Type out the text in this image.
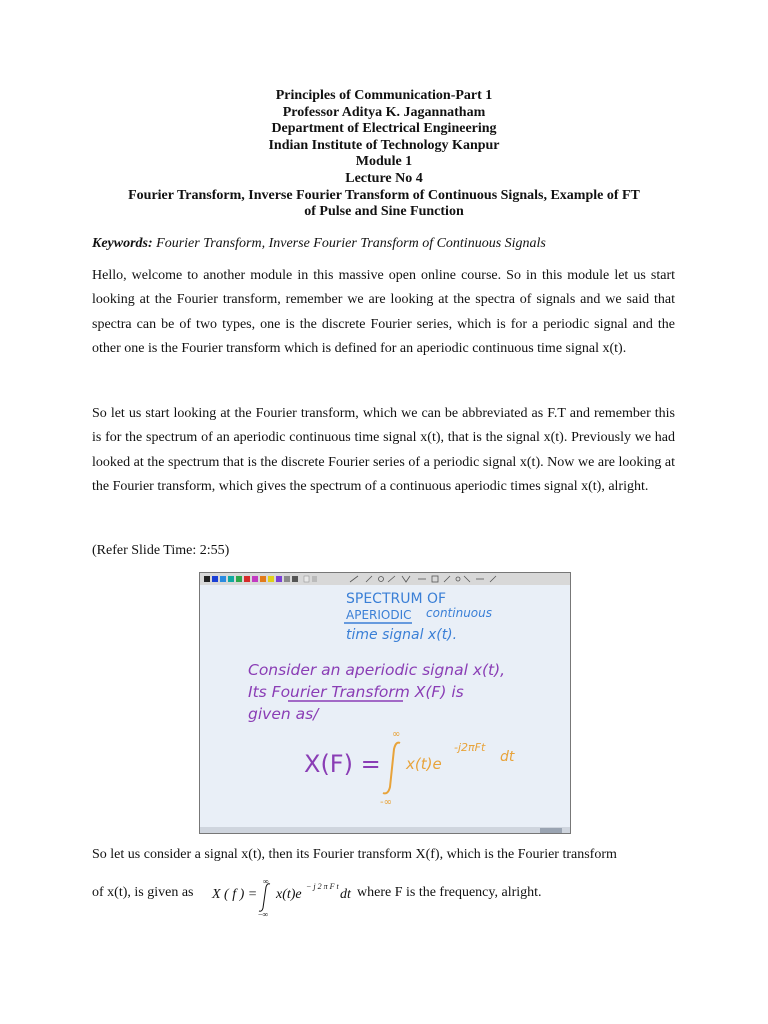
Principles of Communication-Part 1
Professor Aditya K. Jagannatham
Department of Electrical Engineering
Indian Institute of Technology Kanpur
Module 1
Lecture No 4
Fourier Transform, Inverse Fourier Transform of Continuous Signals, Example of FT
of Pulse and Sine Function
Keywords: Fourier Transform, Inverse Fourier Transform of Continuous Signals
Hello, welcome to another module in this massive open online course. So in this module let us start looking at the Fourier transform, remember we are looking at the spectra of signals and we said that spectra can be of two types, one is the discrete Fourier series, which is for a periodic signal and the other one is the Fourier transform which is defined for an aperiodic continuous time signal x(t).
So let us start looking at the Fourier transform, which we can be abbreviated as F.T and remember this is for the spectrum of an aperiodic continuous time signal x(t), that is the signal x(t). Previously we had looked at the spectrum that is the discrete Fourier series of a periodic signal x(t). Now we are looking at the Fourier transform, which gives the spectrum of a continuous aperiodic times signal x(t), alright.
(Refer Slide Time: 2:55)
SPECTRUM OF
APERIODIC continuous
time signal x(t).
Consider an aperiodic signal x(t),
Its Fourier Transform X(F) is
given as/
X(F) =
∞
-∞
x(t)e
-j2πFt
dt
So let us consider a signal x(t), then its Fourier transform X(f), which is the Fourier transform
of x(t), is given as X ( f ) =
∞
−∞
x(t)e
− j 2 π F t
dt where F is the frequency, alright.
